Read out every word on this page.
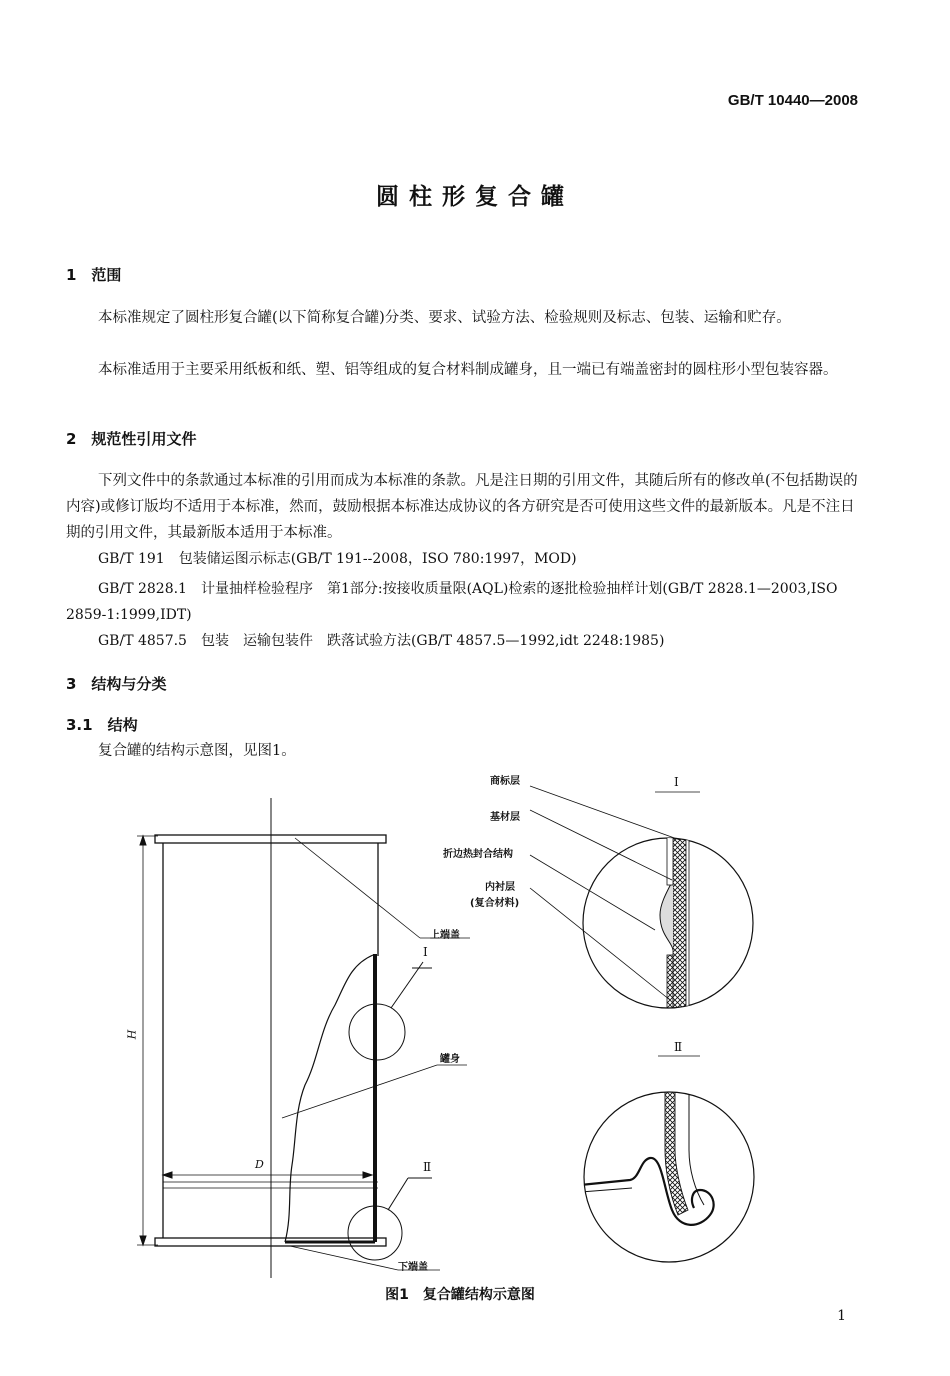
GB/T 10440—2008
圆柱形复合罐
1　范围
本标准规定了圆柱形复合罐(以下简称复合罐)分类、要求、试验方法、检验规则及标志、包装、运输和贮存。
本标准适用于主要采用纸板和纸、塑、铝等组成的复合材料制成罐身，且一端已有端盖密封的圆柱形小型包装容器。
2　规范性引用文件
下列文件中的条款通过本标准的引用而成为本标准的条款。凡是注日期的引用文件，其随后所有的修改单(不包括勘误的内容)或修订版均不适用于本标准，然而，鼓励根据本标准达成协议的各方研究是否可使用这些文件的最新版本。凡是不注日期的引用文件，其最新版本适用于本标准。
GB/T 191　包装储运图示标志(GB/T 191--2008，ISO 780:1997，MOD)
GB/T 2828.1　计量抽样检验程序　第1部分:按接收质量限(AQL)检索的逐批检验抽样计划(GB/T 2828.1—2003,ISO 2859-1:1999,IDT)
GB/T 4857.5　包装　运输包装件　跌落试验方法(GB/T 4857.5—1992,idt 2248:1985)
3　结构与分类
3.1　结构
复合罐的结构示意图，见图1。
商标层
基材层
折边热封合结构
内衬层
(复合材料)
上端盖
罐身
下端盖
I
Ⅱ
I
Ⅱ
H
D
图1　复合罐结构示意图
1
